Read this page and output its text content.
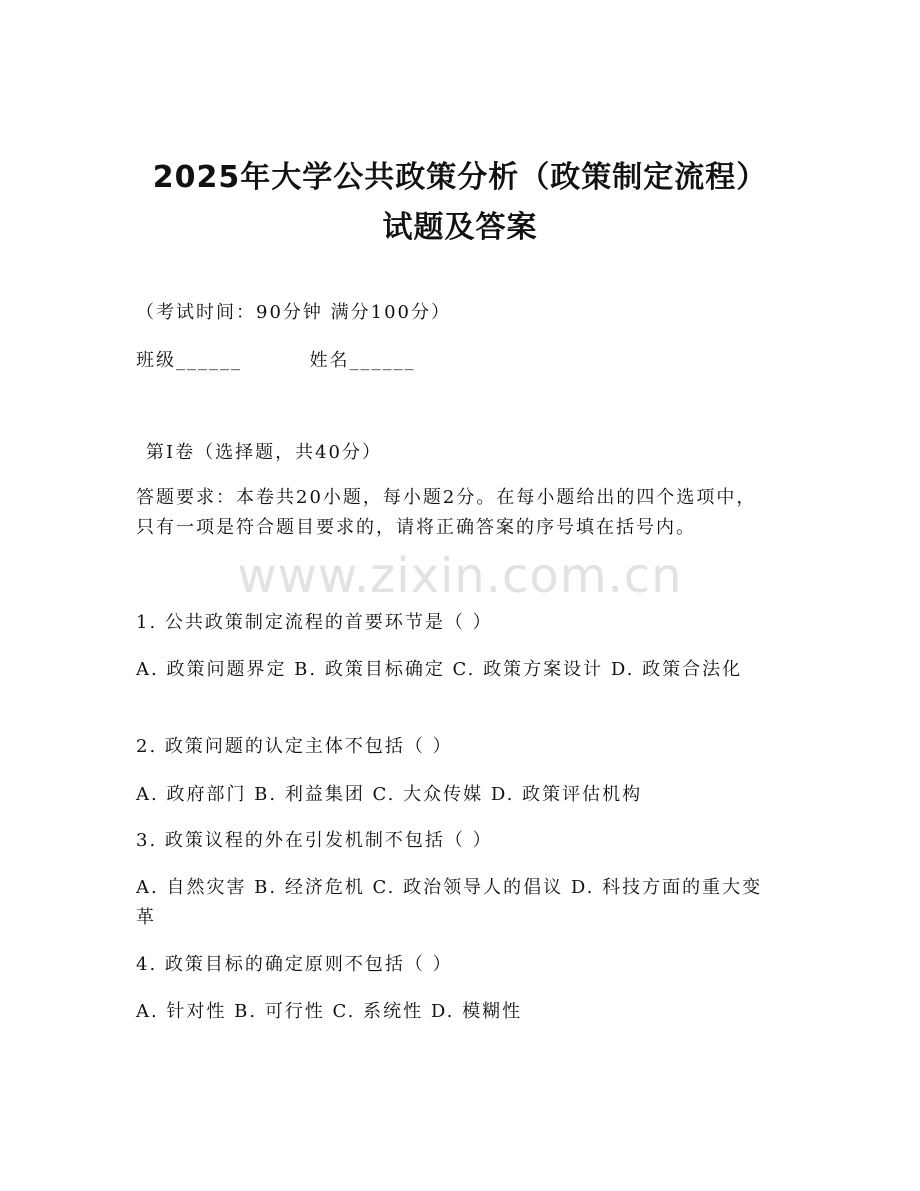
2025年大学公共政策分析（政策制定流程）
试题及答案
（考试时间：90分钟 满分100分）
班级______	姓名______
第I卷（选择题，共40分）
答题要求：本卷共20小题，每小题2分。在每小题给出的四个选项中，只有一项是符合题目要求的，请将正确答案的序号填在括号内。
www.zixin.com.cn
1. 公共政策制定流程的首要环节是（ ）
A. 政策问题界定 B. 政策目标确定 C. 政策方案设计 D. 政策合法化
2. 政策问题的认定主体不包括（ ）
A. 政府部门 B. 利益集团 C. 大众传媒 D. 政策评估机构
3. 政策议程的外在引发机制不包括（ ）
A. 自然灾害 B. 经济危机 C. 政治领导人的倡议 D. 科技方面的重大变革
4. 政策目标的确定原则不包括（ ）
A. 针对性 B. 可行性 C. 系统性 D. 模糊性
